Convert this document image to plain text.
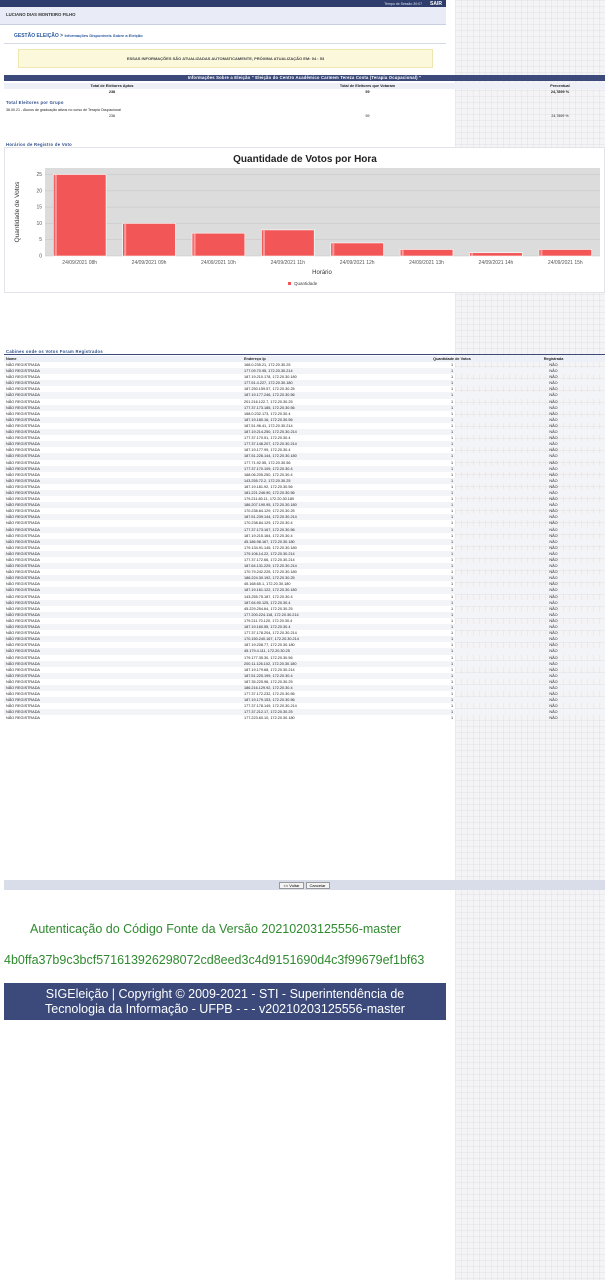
Tempo de Sessão 30:07 SAIR
LUCIANO DIAS MONTEIRO FILHO
GESTÃO ELEIÇÃO > Informações Disponíveis Sobre a Eleição
ESSAS INFORMAÇÕES SÃO ATUALIZADAS AUTOMATICAMENTE, PRÓXIMA ATUALIZAÇÃO EM: 04 : 53
Informações Sobre a Eleição " Eleição do Centro Acadêmico Carmem Tereza Costa (Terapia Ocupacional) "
Total de Eleitores Aptos	Total de Eleitores que Votaram	Percentual
238	59	24,7899 %
Total Eleitores por Grupo
36.00.21 - Alunos de graduação ativos no curso de Terapia Ocupacional
238	59	24,7899 %
Horários de Registro de Voto
Quantidade de Votos por Hora
0
5
10
15
20
25
24/09/2021 08h	24/09/2021 09h	24/09/2021 10h	24/09/2021 11h	24/09/2021 12h	24/09/2021 13h	24/09/2021 14h	24/09/2021 15h
Quantidade de Votos
Horário
Quantidade
Cabines onde os Votos Foram Registrados
Nome	Endereço Ip	Quantidade de Votos	Registrada
NÃO REGISTRADA	168.0.235.21, 172.20.30.25	1	NÃO
NÃO REGISTRADA	177.09.70.95, 172.20.30.214	1	NÃO
NÃO REGISTRADA	187.19.210.178, 172.20.30.180	1	NÃO
NÃO REGISTRADA	177.51.4.227, 172.20.30.180	1	NÃO
NÃO REGISTRADA	187.250.159.57, 172.20.30.25	1	NÃO
NÃO REGISTRADA	187.19.177.246, 172.20.30.56	1	NÃO
NÃO REGISTRADA	201.216.122.7, 172.20.30.25	1	NÃO
NÃO REGISTRADA	177.37.173.185, 172.20.30.56	1	NÃO
NÃO REGISTRADA	168.0.232.173, 172.20.30.4	1	NÃO
NÃO REGISTRADA	187.19.180.16, 172.20.30.56	1	NÃO
NÃO REGISTRADA	187.51.96.41, 172.20.30.214	1	NÃO
NÃO REGISTRADA	187.19.214.250, 172.20.30.214	1	NÃO
NÃO REGISTRADA	177.37.170.51, 172.20.30.4	1	NÃO
NÃO REGISTRADA	177.37.146.207, 172.20.30.214	1	NÃO
NÃO REGISTRADA	187.19.177.99, 172.20.30.4	1	NÃO
NÃO REGISTRADA	187.51.226.144, 172.20.30.180	1	NÃO
NÃO REGISTRADA	177.71.92.55, 172.20.30.56	1	NÃO
NÃO REGISTRADA	177.37.170.109, 172.20.30.4	1	NÃO
NÃO REGISTRADA	168.06.205.250, 172.20.30.4	1	NÃO
NÃO REGISTRADA	143.255.72.2, 172.20.30.25	1	NÃO
NÃO REGISTRADA	187.19.181.92, 172.20.30.56	1	NÃO
NÃO REGISTRADA	181.221.246.90, 172.20.30.56	1	NÃO
NÃO REGISTRADA	179.211.80.11, 172.20.30.180	1	NÃO
NÃO REGISTRADA	186.207.190.95, 172.20.30.180	1	NÃO
NÃO REGISTRADA	170.238.84.129, 172.20.30.25	1	NÃO
NÃO REGISTRADA	187.51.239.144, 172.20.30.214	1	NÃO
NÃO REGISTRADA	170.238.84.129, 172.20.30.4	1	NÃO
NÃO REGISTRADA	177.37.173.167, 172.20.30.56	1	NÃO
NÃO REGISTRADA	187.19.215.164, 172.20.30.4	1	NÃO
NÃO REGISTRADA	45.186.98.167, 172.20.30.180	1	NÃO
NÃO REGISTRADA	179.134.91.145, 172.20.30.180	1	NÃO
NÃO REGISTRADA	179.106.14.22, 172.20.30.214	1	NÃO
NÃO REGISTRADA	177.37.172.66, 172.20.30.214	1	NÃO
NÃO REGISTRADA	187.64.131.229, 172.20.30.214	1	NÃO
NÃO REGISTRADA	170.79.242.225, 172.20.30.180	1	NÃO
NÃO REGISTRADA	186.224.30.192, 172.20.30.25	1	NÃO
NÃO REGISTRADA	45.168.65.1, 172.20.30.180	1	NÃO
NÃO REGISTRADA	187.19.161.122, 172.20.30.180	1	NÃO
NÃO REGISTRADA	143.255.75.187, 172.20.30.4	1	NÃO
NÃO REGISTRADA	187.64.90.125, 172.20.30.4	1	NÃO
NÃO REGISTRADA	45.229.254.64, 172.20.30.25	1	NÃO
NÃO REGISTRADA	177.200.224.118, 172.20.30.214	1	NÃO
NÃO REGISTRADA	179.211.70.120, 172.20.30.4	1	NÃO
NÃO REGISTRADA	187.19.160.55, 172.20.30.4	1	NÃO
NÃO REGISTRADA	177.37.178.204, 172.20.30.214	1	NÃO
NÃO REGISTRADA	170.150.240.167, 172.20.30.214	1	NÃO
NÃO REGISTRADA	187.19.208.77, 172.20.30.180	1	NÃO
NÃO REGISTRADA	45.179.4.111, 172.20.30.25	1	NÃO
NÃO REGISTRADA	179.177.35.30, 172.20.30.56	1	NÃO
NÃO REGISTRADA	200.11.126.102, 172.20.30.180	1	NÃO
NÃO REGISTRADA	187.19.179.68, 172.20.30.214	1	NÃO
NÃO REGISTRADA	187.51.225.199, 172.20.30.4	1	NÃO
NÃO REGISTRADA	187.35.225.96, 172.20.30.25	1	NÃO
NÃO REGISTRADA	186.216.129.92, 172.20.30.4	1	NÃO
NÃO REGISTRADA	177.37.172.232, 172.20.30.56	1	NÃO
NÃO REGISTRADA	187.19.179.153, 172.20.30.56	1	NÃO
NÃO REGISTRADA	177.37.178.149, 172.20.30.214	1	NÃO
NÃO REGISTRADA	177.37.212.17, 172.20.30.25	1	NÃO
NÃO REGISTRADA	177.223.60.10, 172.20.30.180	1	NÃO
<< Voltar	Cancelar
Autenticação do Código Fonte da Versão 20210203125556-master
4b0ffa37b9c3bcf571613926298072cd8eed3c4d9151690d4c3f99679ef1bf63
SIGEleição | Copyright © 2009-2021 - STI - Superintendência de
Tecnologia da Informação - UFPB - - - v20210203125556-master
